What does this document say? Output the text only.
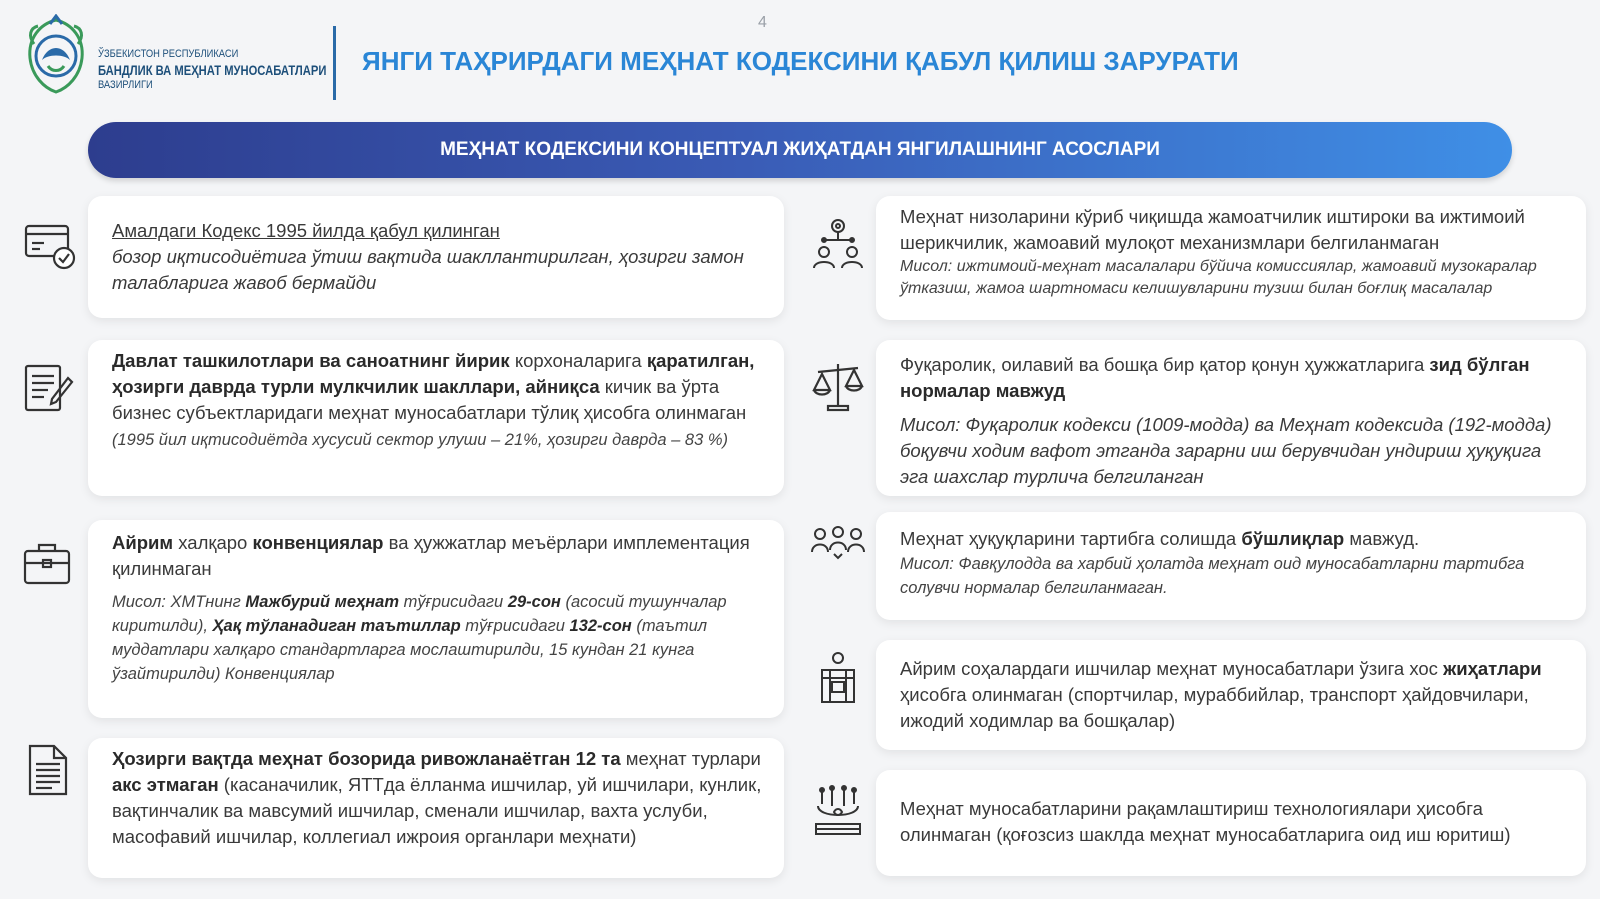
4
ЎЗБЕКИСТОН РЕСПУБЛИКАСИ
БАНДЛИК ВА МЕҲНАТ МУНОСАБАТЛАРИ
ВАЗИРЛИГИ
ЯНГИ ТАҲРИРДАГИ МЕҲНАТ КОДЕКСИНИ ҚАБУЛ ҚИЛИШ ЗАРУРАТИ
МЕҲНАТ КОДЕКСИНИ КОНЦЕПТУАЛ ЖИҲАТДАН ЯНГИЛАШНИНГ АСОСЛАРИ
Амалдаги Кодекс 1995 йилда қабул қилинган
бозор иқтисодиётига ўтиш вақтида шакллантирилган, ҳозирги замон талабларига жавоб бермайди
Давлат ташкилотлари ва саноатнинг йирик корхоналарига қаратилган, ҳозирги даврда турли мулкчилик шакллари, айниқса кичик ва ўрта бизнес субъектларидаги меҳнат муносабатлари тўлиқ ҳисобга олинмаган (1995 йил иқтисодиётда хусусий сектор улуши – 21%, ҳозирги даврда – 83 %)
Айрим халқаро конвенциялар ва ҳужжатлар меъёрлари имплементация қилинмаган
Мисол: ХМТнинг Мажбурий меҳнат тўғрисидаги 29-сон (асосий тушунчалар киритилди), Ҳақ тўланадиган таътиллар тўғрисидаги 132-сон (таътил муддатлари халқаро стандартларга мослаштирилди, 15 кундан 21 кунга ўзайтирилди) Конвенциялар
Ҳозирги вақтда меҳнат бозорида ривожланаётган 12 та меҳнат турлари акс этмаган (касаначилик, ЯТТда ёлланма ишчилар, уй ишчилари, кунлик, вақтинчалик ва мавсумий ишчилар, сменали ишчилар, вахта услуби, масофавий ишчилар, коллегиал ижроия органлари меҳнати)
Меҳнат низоларини кўриб чиқишда жамоатчилик иштироки ва ижтимоий шерикчилик, жамоавий мулоқот механизмлари белгиланмаган
Мисол: ижтимоий-меҳнат масалалари бўйича комиссиялар, жамоавий музокаралар ўтказиш, жамоа шартномаси келишувларини тузиш билан боғлиқ масалалар
Фуқаролик, оилавий ва бошқа бир қатор қонун ҳужжатларига зид бўлган нормалар мавжуд
Мисол: Фуқаролик кодекси (1009-модда) ва Меҳнат кодексида (192-модда) боқувчи ходим вафот этганда зарарни иш берувчидан ундириш ҳуқуқига эга шахслар турлича белгиланган
Меҳнат ҳуқуқларини тартибга солишда бўшлиқлар мавжуд.
Мисол: Фавқулодда ва харбий ҳолатда меҳнат оид муносабатларни тартибга солувчи нормалар белгиланмаган.
Айрим соҳалардаги ишчилар меҳнат муносабатлари ўзига хос жиҳатлари ҳисобга олинмаган (спортчилар, мураббийлар, транспорт ҳайдовчилари, ижодий ходимлар ва бошқалар)
Меҳнат муносабатларини рақамлаштириш технологиялари ҳисобга олинмаган (қоғозсиз шаклда меҳнат муносабатларига оид иш юритиш)
